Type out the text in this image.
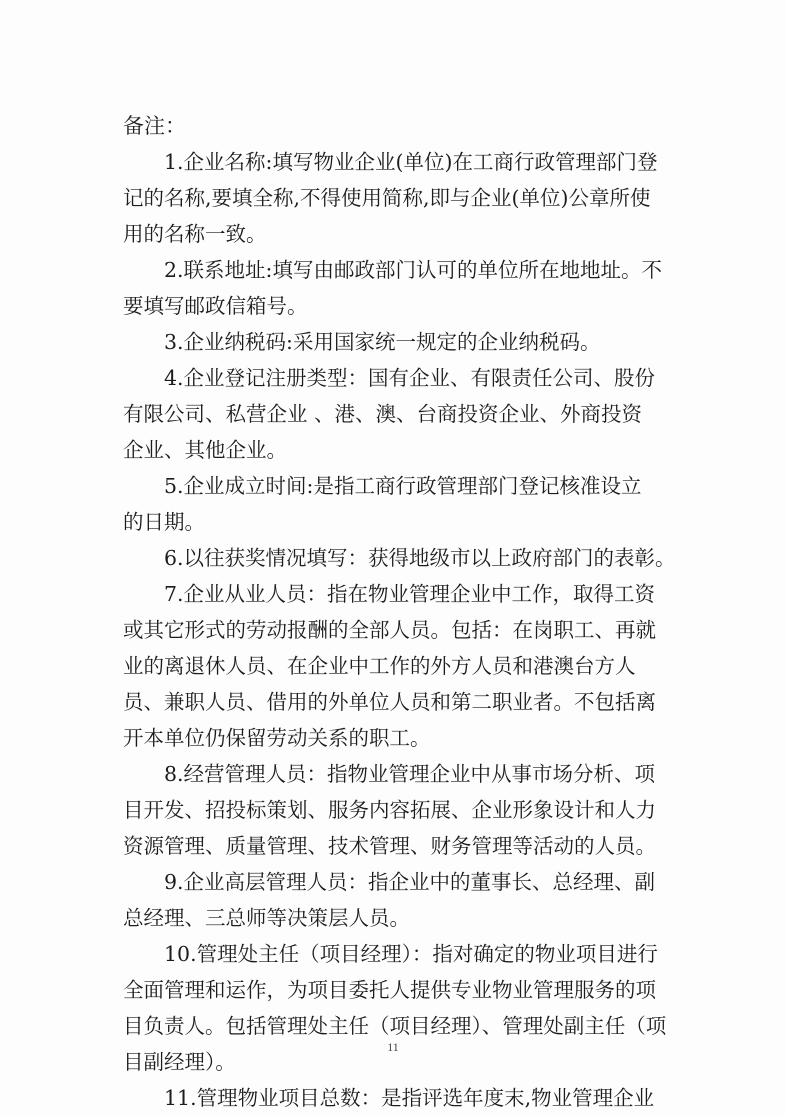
备注：

1.企业名称:填写物业企业(单位)在工商行政管理部门登
记的名称,要填全称,不得使用简称,即与企业(单位)公章所使
用的名称一致。

2.联系地址:填写由邮政部门认可的单位所在地地址。不
要填写邮政信箱号。

3.企业纳税码:采用国家统一规定的企业纳税码。

4.企业登记注册类型：国有企业、有限责任公司、股份
有限公司、私营企业 、港、澳、台商投资企业、外商投资
企业、其他企业。

5.企业成立时间:是指工商行政管理部门登记核准设立
的日期。

6.以往获奖情况填写：获得地级市以上政府部门的表彰。

7.企业从业人员：指在物业管理企业中工作，取得工资
或其它形式的劳动报酬的全部人员。包括：在岗职工、再就
业的离退休人员、在企业中工作的外方人员和港澳台方人
员、兼职人员、借用的外单位人员和第二职业者。不包括离
开本单位仍保留劳动关系的职工。

8.经营管理人员：指物业管理企业中从事市场分析、项
目开发、招投标策划、服务内容拓展、企业形象设计和人力
资源管理、质量管理、技术管理、财务管理等活动的人员。

9.企业高层管理人员：指企业中的董事长、总经理、副
总经理、三总师等决策层人员。

10.管理处主任（项目经理）：指对确定的物业项目进行
全面管理和运作，为项目委托人提供专业物业管理服务的项
目负责人。包括管理处主任（项目经理）、管理处副主任（项
目副经理）。

11.管理物业项目总数：是指评选年度末,物业管理企业

11
